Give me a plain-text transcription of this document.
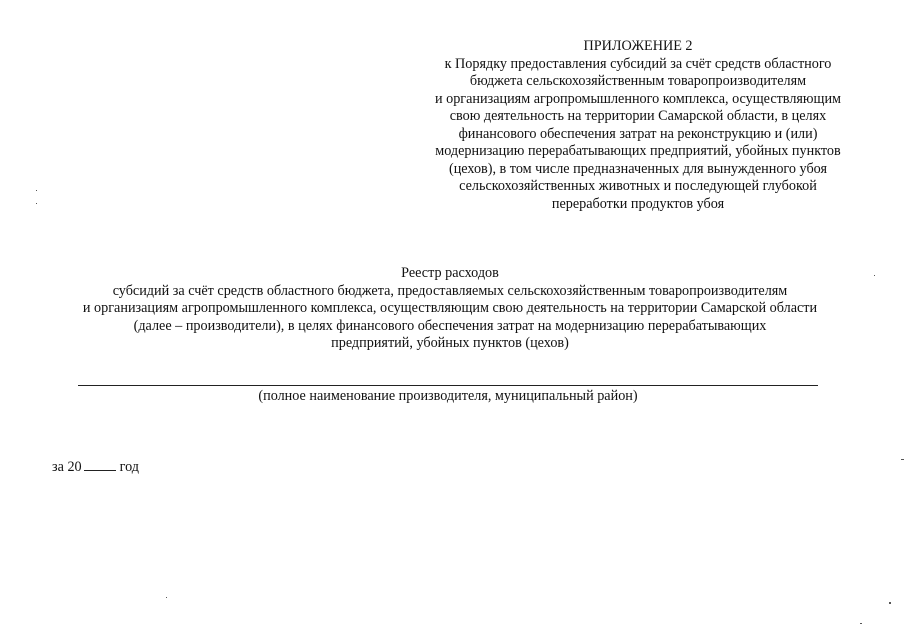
ПРИЛОЖЕНИЕ 2
к Порядку предоставления субсидий за счёт средств областного
бюджета сельскохозяйственным товаропроизводителям
и организациям агропромышленного комплекса, осуществляющим
свою деятельность на территории Самарской области, в целях
финансового обеспечения затрат на реконструкцию и (или)
модернизацию перерабатывающих предприятий, убойных пунктов
(цехов), в том числе предназначенных для вынужденного убоя
сельскохозяйственных животных и последующей глубокой
переработки продуктов убоя
Реестр расходов
субсидий за счёт средств областного бюджета, предоставляемых сельскохозяйственным товаропроизводителям
и организациям агропромышленного комплекса, осуществляющим свою деятельность на территории Самарской области
(далее – производители), в целях финансового обеспечения затрат на модернизацию перерабатывающих
предприятий, убойных пунктов (цехов)
(полное наименование производителя, муниципальный район)
за 20	год
